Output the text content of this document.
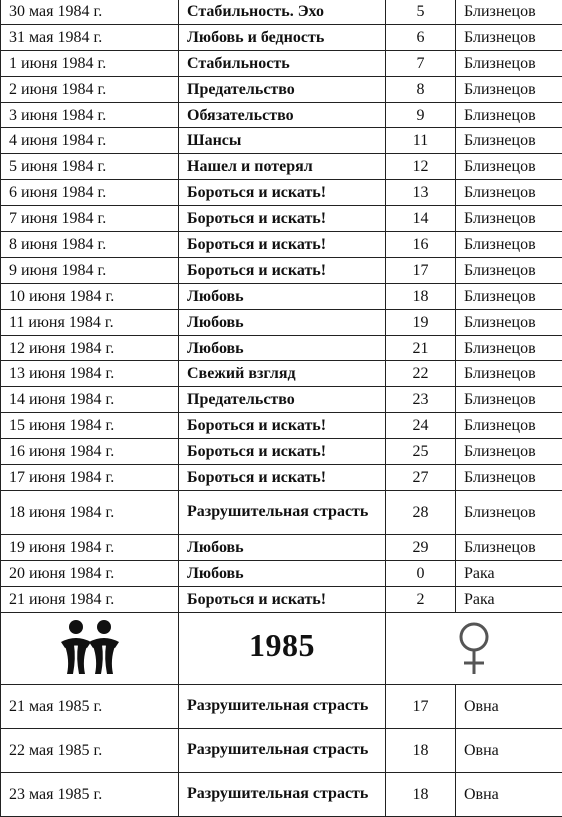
30 мая 1984 г.	Стабильность. Эхо	5	Близнецов
31 мая 1984 г.	Любовь и бедность	6	Близнецов
1 июня 1984 г.	Стабильность	7	Близнецов
2 июня 1984 г.	Предательство	8	Близнецов
3 июня 1984 г.	Обязательство	9	Близнецов
4 июня 1984 г.	Шансы	11	Близнецов
5 июня 1984 г.	Нашел и потерял	12	Близнецов
6 июня 1984 г.	Бороться и искать!	13	Близнецов
7 июня 1984 г.	Бороться и искать!	14	Близнецов
8 июня 1984 г.	Бороться и искать!	16	Близнецов
9 июня 1984 г.	Бороться и искать!	17	Близнецов
10 июня 1984 г.	Любовь	18	Близнецов
11 июня 1984 г.	Любовь	19	Близнецов
12 июня 1984 г.	Любовь	21	Близнецов
13 июня 1984 г.	Свежий взгляд	22	Близнецов
14 июня 1984 г.	Предательство	23	Близнецов
15 июня 1984 г.	Бороться и искать!	24	Близнецов
16 июня 1984 г.	Бороться и искать!	25	Близнецов
17 июня 1984 г.	Бороться и искать!	27	Близнецов
18 июня 1984 г.	Разрушительная страсть	28	Близнецов
19 июня 1984 г.	Любовь	29	Близнецов
20 июня 1984 г.	Любовь	0	Рака
21 июня 1984 г.	Бороться и искать!	2	Рака

	1985	

21 мая 1985 г.	Разрушительная страсть	17	Овна
22 мая 1985 г.	Разрушительная страсть	18	Овна
23 мая 1985 г.	Разрушительная страсть	18	Овна
